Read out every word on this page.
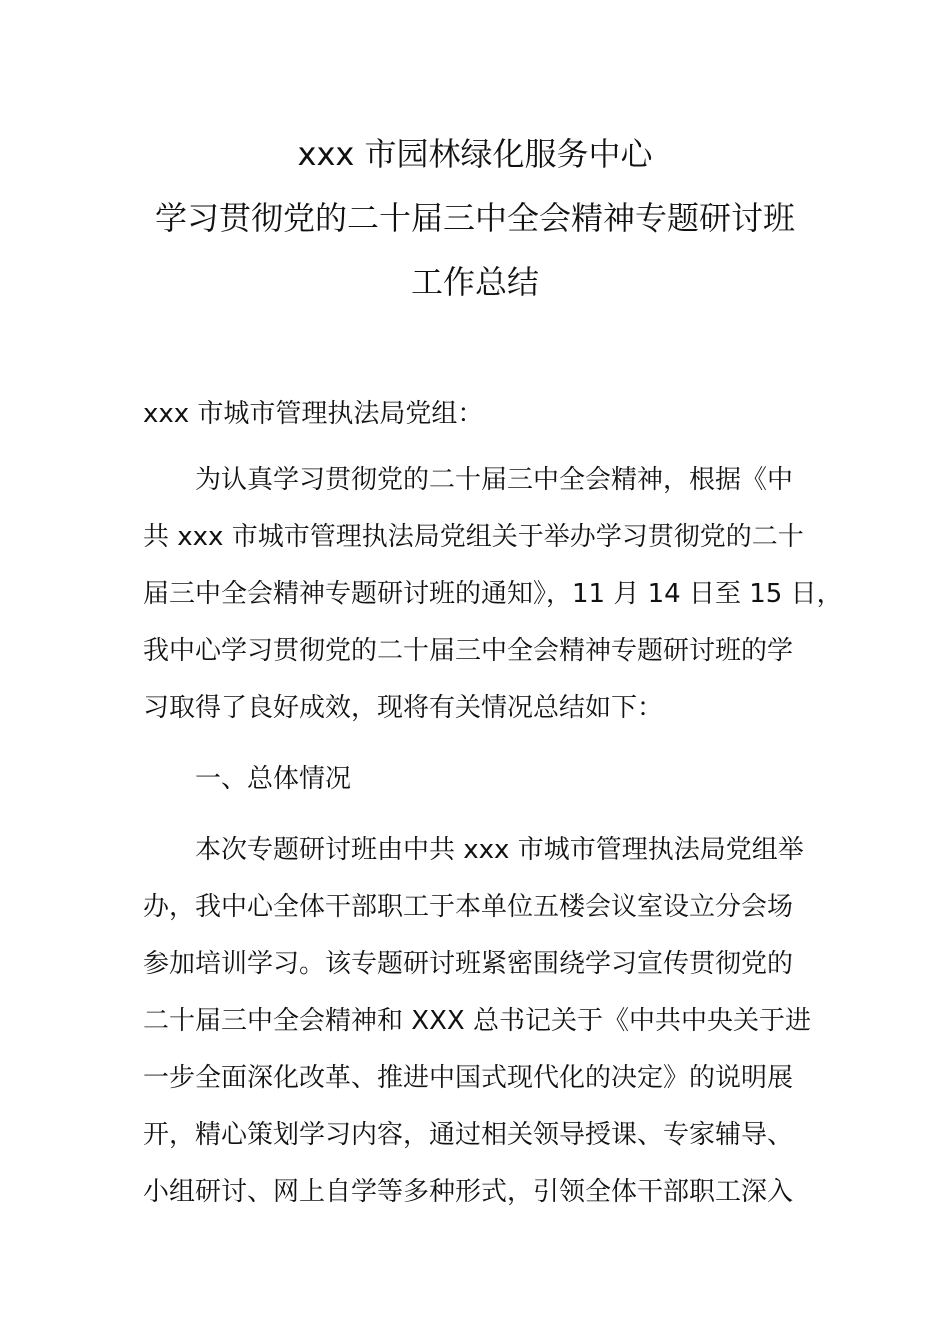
xxx 市园林绿化服务中心
学习贯彻党的二十届三中全会精神专题研讨班
工作总结
xxx 市城市管理执法局党组：
为认真学习贯彻党的二十届三中全会精神，根据《中
共 xxx 市城市管理执法局党组关于举办学习贯彻党的二十
届三中全会精神专题研讨班的通知》，11 月 14 日至 15 日，
我中心学习贯彻党的二十届三中全会精神专题研讨班的学
习取得了良好成效，现将有关情况总结如下：
一、总体情况
本次专题研讨班由中共 xxx 市城市管理执法局党组举
办，我中心全体干部职工于本单位五楼会议室设立分会场
参加培训学习。该专题研讨班紧密围绕学习宣传贯彻党的
二十届三中全会精神和 XXX 总书记关于《中共中央关于进
一步全面深化改革、推进中国式现代化的决定》的说明展
开，精心策划学习内容，通过相关领导授课、专家辅导、
小组研讨、网上自学等多种形式，引领全体干部职工深入
